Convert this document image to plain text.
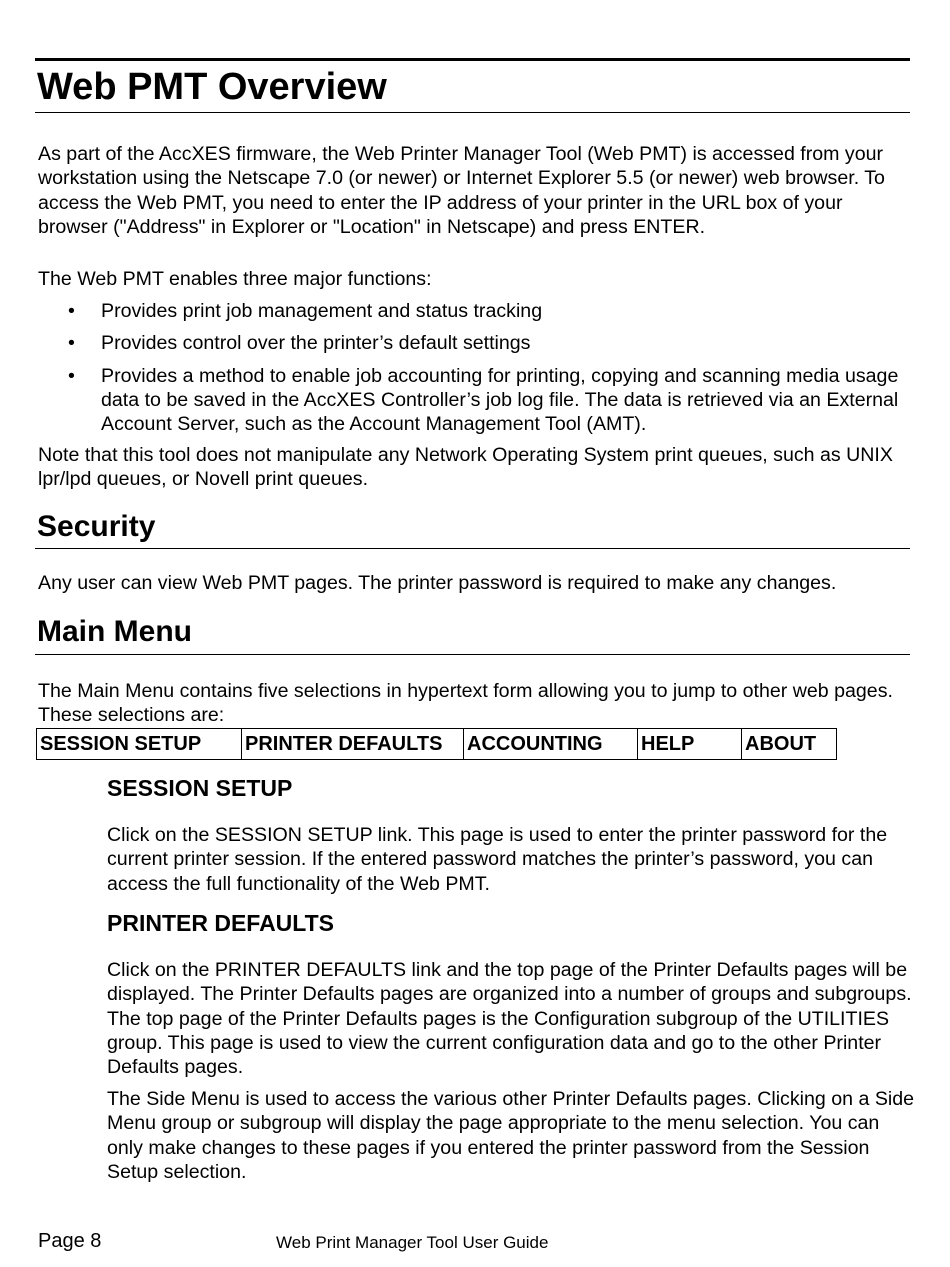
Web PMT Overview
As part of the AccXES firmware, the Web Printer Manager Tool (Web PMT) is accessed from your workstation using the Netscape 7.0 (or newer) or Internet Explorer 5.5 (or newer) web browser. To access the Web PMT, you need to enter the IP address of your printer in the URL box of your browser ("Address" in Explorer or "Location" in Netscape) and press ENTER.
The Web PMT enables three major functions:
• Provides print job management and status tracking
• Provides control over the printer’s default settings
• Provides a method to enable job accounting for printing, copying and scanning media usage data to be saved in the AccXES Controller’s job log file. The data is retrieved via an External Account Server, such as the Account Management Tool (AMT).
Note that this tool does not manipulate any Network Operating System print queues, such as UNIX lpr/lpd queues, or Novell print queues.
Security
Any user can view Web PMT pages. The printer password is required to make any changes.
Main Menu
The Main Menu contains five selections in hypertext form allowing you to jump to other web pages. These selections are:
SESSION SETUP	PRINTER DEFAULTS	ACCOUNTING	HELP	ABOUT
SESSION SETUP
Click on the SESSION SETUP link. This page is used to enter the printer password for the current printer session. If the entered password matches the printer’s password, you can access the full functionality of the Web PMT.
PRINTER DEFAULTS
Click on the PRINTER DEFAULTS link and the top page of the Printer Defaults pages will be displayed. The Printer Defaults pages are organized into a number of groups and subgroups. The top page of the Printer Defaults pages is the Configuration subgroup of the UTILITIES group. This page is used to view the current configuration data and go to the other Printer Defaults pages.
The Side Menu is used to access the various other Printer Defaults pages. Clicking on a Side Menu group or subgroup will display the page appropriate to the menu selection. You can only make changes to these pages if you entered the printer password from the Session Setup selection.
Page 8	Web Print Manager Tool User Guide
